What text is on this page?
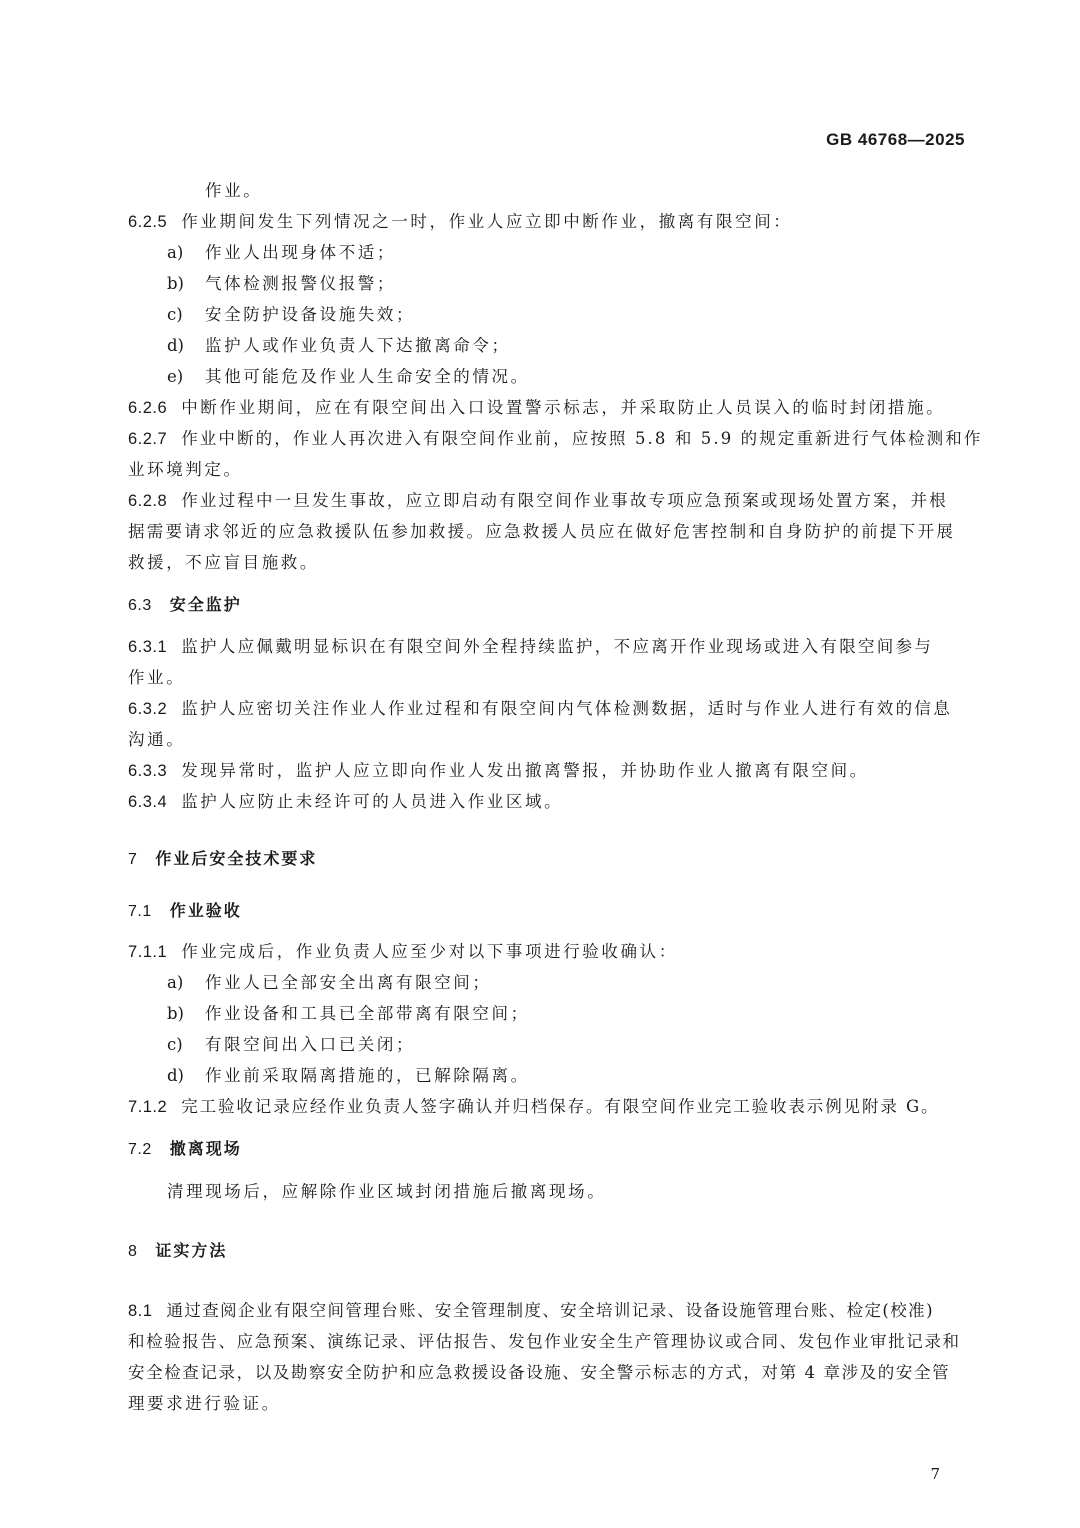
GB 46768—2025
作业。
6.2.5 作业期间发生下列情况之一时，作业人应立即中断作业，撤离有限空间：
a) 作业人出现身体不适；
b) 气体检测报警仪报警；
c) 安全防护设备设施失效；
d) 监护人或作业负责人下达撤离命令；
e) 其他可能危及作业人生命安全的情况。
6.2.6 中断作业期间，应在有限空间出入口设置警示标志，并采取防止人员误入的临时封闭措施。
6.2.7 作业中断的，作业人再次进入有限空间作业前，应按照 5.8 和 5.9 的规定重新进行气体检测和作
业环境判定。
6.2.8 作业过程中一旦发生事故，应立即启动有限空间作业事故专项应急预案或现场处置方案，并根
据需要请求邻近的应急救援队伍参加救援。应急救援人员应在做好危害控制和自身防护的前提下开展
救援，不应盲目施救。
6.3 安全监护
6.3.1 监护人应佩戴明显标识在有限空间外全程持续监护，不应离开作业现场或进入有限空间参与
作业。
6.3.2 监护人应密切关注作业人作业过程和有限空间内气体检测数据，适时与作业人进行有效的信息
沟通。
6.3.3 发现异常时，监护人应立即向作业人发出撤离警报，并协助作业人撤离有限空间。
6.3.4 监护人应防止未经许可的人员进入作业区域。
7 作业后安全技术要求
7.1 作业验收
7.1.1 作业完成后，作业负责人应至少对以下事项进行验收确认：
a) 作业人已全部安全出离有限空间；
b) 作业设备和工具已全部带离有限空间；
c) 有限空间出入口已关闭；
d) 作业前采取隔离措施的，已解除隔离。
7.1.2 完工验收记录应经作业负责人签字确认并归档保存。有限空间作业完工验收表示例见附录 G。
7.2 撤离现场
清理现场后，应解除作业区域封闭措施后撤离现场。
8 证实方法
8.1 通过查阅企业有限空间管理台账、安全管理制度、安全培训记录、设备设施管理台账、检定(校准)
和检验报告、应急预案、演练记录、评估报告、发包作业安全生产管理协议或合同、发包作业审批记录和
安全检查记录，以及勘察安全防护和应急救援设备设施、安全警示标志的方式，对第 4 章涉及的安全管
理要求进行验证。
7
